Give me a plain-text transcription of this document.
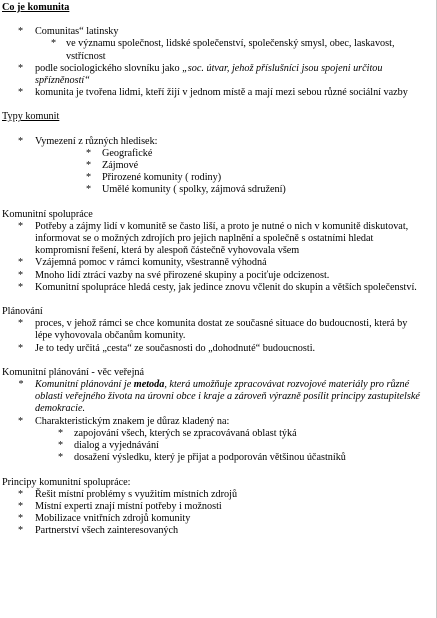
Co je komunita
* Comunitas“ latinsky
* ve významu společnost, lidské společenství, společenský smysl, obec, laskavost, vstřícnost
* podle sociologického slovníku jako „soc. útvar, jehož příslušníci jsou spojeni určitou spřízněností“
* komunita je tvořena lidmi, kteří žijí v jednom místě a mají mezi sebou různé sociální vazby
Typy komunit
* Vymezení z různých hledisek:
* Geografické
* Zájmové
* Přirozené komunity ( rodiny)
* Umělé komunity ( spolky, zájmová sdružení)
Komunitní spolupráce
* Potřeby a zájmy lidí v komunitě se často liší, a proto je nutné o nich v komunitě diskutovat, informovat se o možných zdrojích pro jejich naplnění a společně s ostatními hledat kompromisní řešení, která by alespoň částečně vyhovovala všem
* Vzájemná pomoc v rámci komunity, všestranně výhodná
* Mnoho lidí ztrácí vazby na své přirozené skupiny a pociťuje odcizenost.
* Komunitní spolupráce hledá cesty, jak jedince znovu včlenit do skupin a větších společenství.
Plánování
* proces, v jehož rámci se chce komunita dostat ze současné situace do budoucnosti, která by lépe vyhovovala občanům komunity.
* Je to tedy určitá „cesta“ ze současnosti do „dohodnuté“ budoucnosti.
Komunitní plánování - věc veřejná
* Komunitní plánování je metoda, která umožňuje zpracovávat rozvojové materiály pro různé oblasti veřejného života na úrovni obce i kraje a zároveň výrazně posílit principy zastupitelské demokracie.
* Charakteristickým znakem je důraz kladený na:
* zapojování všech, kterých se zpracovávaná oblast týká
* dialog a vyjednávání
* dosažení výsledku, který je přijat a podporován většinou účastníků
Principy komunitní spolupráce:
* Řešit místní problémy s využitím místních zdrojů
* Místní experti znají místní potřeby i možnosti
* Mobilizace vnitřních zdrojů komunity
* Partnerství všech zainteresovaných
